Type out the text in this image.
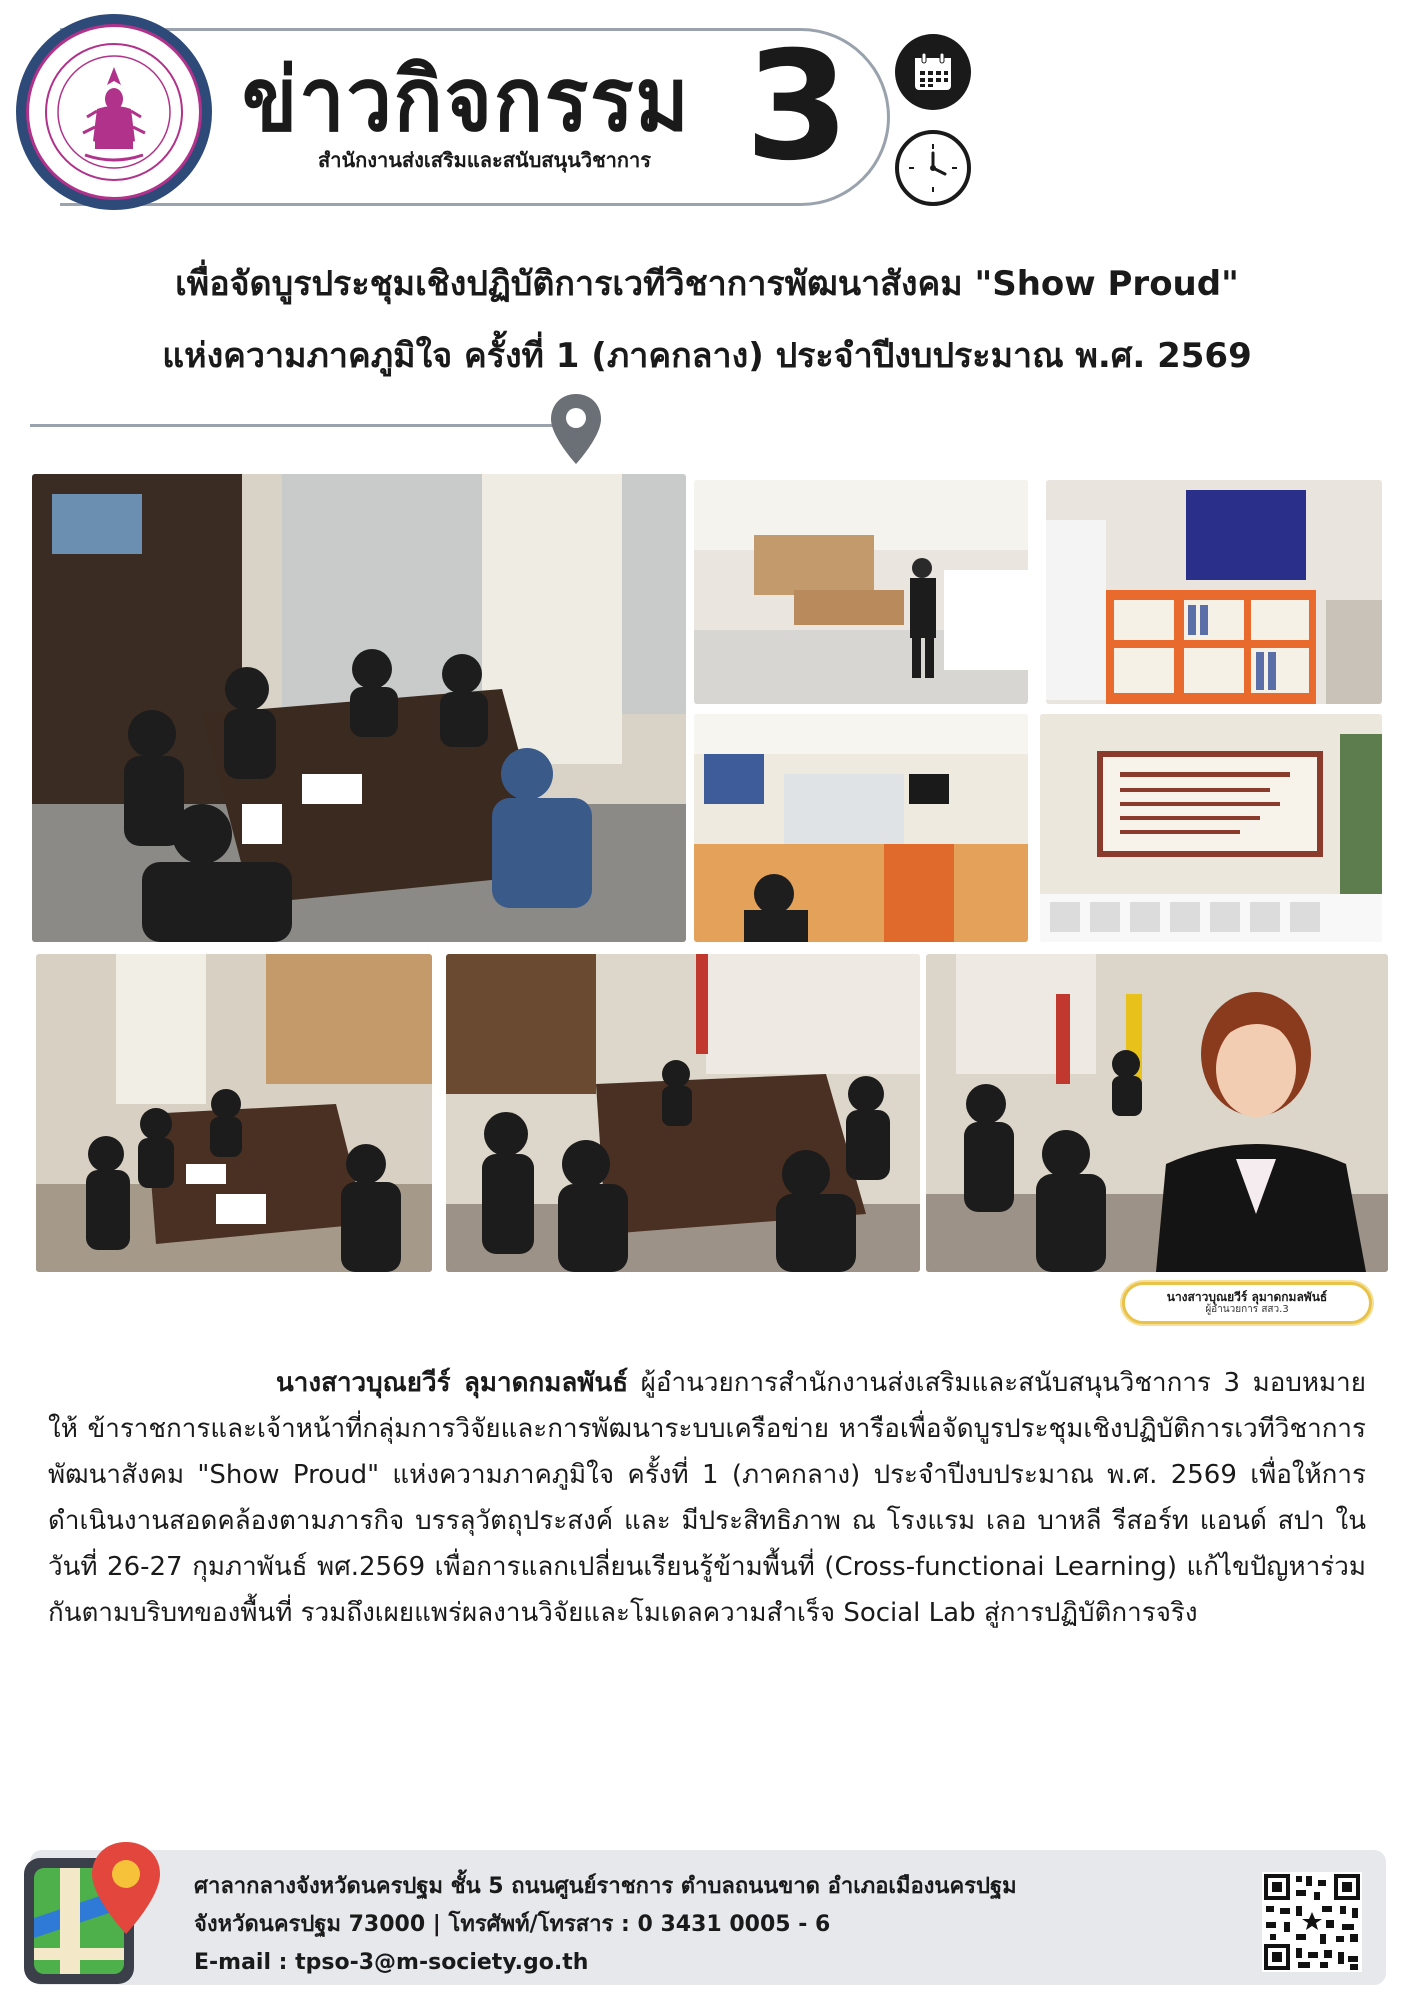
ข่าวกิจกรรม 3
สำนักงานส่งเสริมและสนับสนุนวิชาการ
วันพฤหัสบดีที่ 19 กุมภาพันธ์ 2569
ตั้งแต่เวลา 09.30 น. - 12.00 น.
เพื่อจัดบูรประชุมเชิงปฏิบัติการเวทีวิชาการพัฒนาสังคม "Show Proud"
แห่งความภาคภูมิใจ ครั้งที่ 1 (ภาคกลาง) ประจำปีงบประมาณ พ.ศ. 2569
ณ ศูนย์บริการสาธารณะสุขชุมชน เทศบาลตำบลดอนยายหอม
นางสาวบุณยวีร์ ลุมาดกมลพันธ์
ผู้อำนวยการ สสว.3
นางสาวบุณยวีร์ ลุมาดกมลพันธ์ ผู้อำนวยการสำนักงานส่งเสริมและสนับสนุนวิชาการ 3 มอบหมายให้ ข้าราชการและเจ้าหน้าที่กลุ่มการวิจัยและการพัฒนาระบบเครือข่าย หารือเพื่อจัดบูรประชุมเชิงปฏิบัติการเวทีวิชาการพัฒนาสังคม "Show Proud" แห่งความภาคภูมิใจ ครั้งที่ 1 (ภาคกลาง) ประจำปีงบประมาณ พ.ศ. 2569 เพื่อให้การดำเนินงานสอดคล้องตามภารกิจ บรรลุวัตถุประสงค์ และ มีประสิทธิภาพ ณ โรงแรม เลอ บาหลี รีสอร์ท แอนด์ สปา ในวันที่ 26-27 กุมภาพันธ์ พศ.2569 เพื่อการแลกเปลี่ยนเรียนรู้ข้ามพื้นที่ (Cross-functionai Learning) แก้ไขปัญหาร่วมกันตามบริบทของพื้นที่ รวมถึงเผยแพร่ผลงานวิจัยและโมเดลความสำเร็จ Social Lab สู่การปฏิบัติการจริง
ศาลากลางจังหวัดนครปฐม ชั้น 5 ถนนศูนย์ราชการ ตำบลถนนขาด อำเภอเมืองนครปฐม
จังหวัดนครปฐม 73000 | โทรศัพท์/โทรสาร : 0 3431 0005 - 6
E-mail : tpso-3@m-society.go.th
